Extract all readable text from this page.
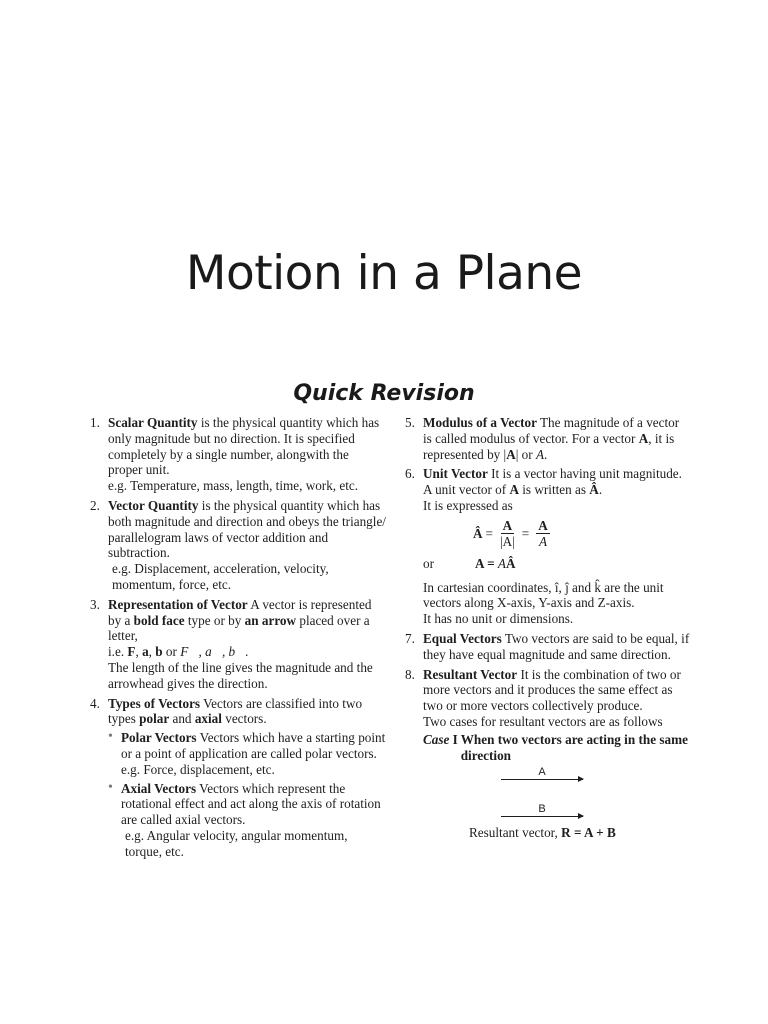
Motion in a Plane
Quick Revision
1. Scalar Quantity is the physical quantity which has only magnitude but no direction. It is specified completely by a single number, alongwith the proper unit.

e.g. Temperature, mass, length, time, work, etc.

2. Vector Quantity is the physical quantity which has both magnitude and direction and obeys the triangle/ parallelogram laws of vector addition and subtraction.

e.g. Displacement, acceleration, velocity, momentum, force, etc.

3. Representation of Vector A vector is represented by a bold face type or by an arrow placed over a letter,

i.e. F, a, b or F⃗, a⃗, b⃗.

The length of the line gives the magnitude and the arrowhead gives the direction.

4. Types of Vectors Vectors are classified into two types polar and axial vectors.

• Polar Vectors Vectors which have a starting point or a point of application are called polar vectors. e.g. Force, displacement, etc.

• Axial Vectors Vectors which represent the rotational effect and act along the axis of rotation are called axial vectors.

e.g. Angular velocity, angular momentum, torque, etc.

5. Modulus of a Vector The magnitude of a vector is called modulus of vector. For a vector A, it is represented by |A| or A.

6. Unit Vector It is a vector having unit magnitude. A unit vector of A is written as Â.

It is expressed as

Â = $\frac{A}{|A|} = \frac{A}{A}$
or	A = AÂ

In cartesian coordinates, î, ĵ and k̂ are the unit vectors along X-axis, Y-axis and Z-axis.

It has no unit or dimensions.

7. Equal Vectors Two vectors are said to be equal, if they have equal magnitude and same direction.

8. Resultant Vector It is the combination of two or more vectors and it produces the same effect as two or more vectors collectively produce.

Two cases for resultant vectors are as follows

Case I When two vectors are acting in the same direction
A
B

Resultant vector, R = A + B
